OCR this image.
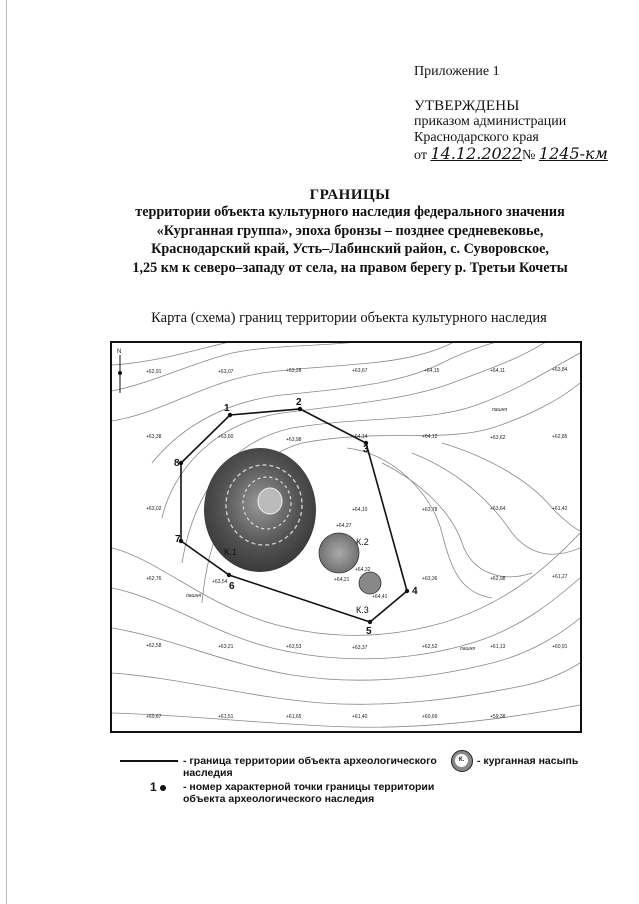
Приложение 1
УТВЕРЖДЕНЫ
приказом администрации
Краснодарского края
от 14.12.2022№ 1245-км
ГРАНИЦЫ
территории объекта культурного наследия федерального значения
«Курганная группа», эпоха бронзы – позднее средневековье,
Краснодарский край, Усть–Лабинский район, с. Суворовское,
1,25 км к северо–западу от села, на правом берегу р. Третьи Кочеты
Карта (схема) границ территории объекта культурного наследия
1
2
3
4
5
6
7
8
К.1
К.2
К.3
N
+62,91	+63,07	+63,28	+63,67	+64,15	+64,11	+63,84
+63,38	+63,60	+63,98	+64,14	+64,12	+63,62	+62,85
+63,02	+64,10	+63,78	+63,64	+61,42
+64,27
+64,32
+64,21
+64,41
+62,76	+63,54	+63,36	+62,98	+61,27
+62,58	+63,21	+63,53	+63,37	+62,52	+61,13	+60,91
+60,67	+61,51	+61,65	+61,40	+60,69	+59,38
пашня
пашня
пашня
- граница территории объекта археологического
наследия
К.	- курганная насыпь
1	- номер характерной точки границы территории
объекта археологического наследия
